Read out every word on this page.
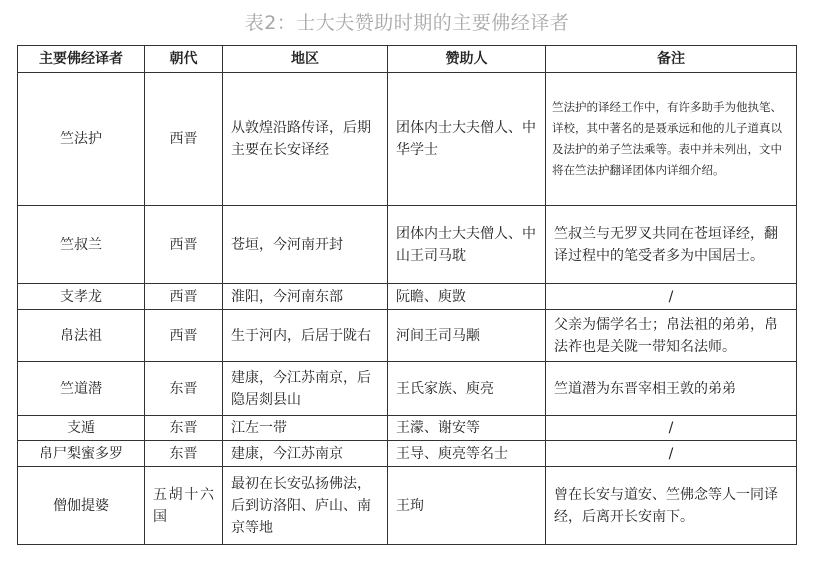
表2：士大夫赞助时期的主要佛经译者
主要佛经译者	朝代	地区	赞助人	备注
竺法护	西晋	从敦煌沿路传译，后期主要在长安译经	团体内士大夫僧人、中华学士	竺法护的译经工作中，有许多助手为他执笔、详校，其中著名的是聂承远和他的儿子道真以及法护的弟子竺法乘等。表中并未列出，文中将在竺法护翻译团体内详细介绍。
竺叔兰	西晋	苍垣，今河南开封	团体内士大夫僧人、中山王司马耽	竺叔兰与无罗叉共同在苍垣译经，翻译过程中的笔受者多为中国居士。
支孝龙	西晋	淮阳，今河南东部	阮瞻、庾敳	/
帛法祖	西晋	生于河内，后居于陇右	河间王司马颙	父亲为儒学名士；帛法祖的弟弟，帛法祚也是关陇一带知名法师。
竺道潜	东晋	建康，今江苏南京，后隐居剡县山	王氏家族、庾亮	竺道潜为东晋宰相王敦的弟弟
支遁	东晋	江左一带	王濛、谢安等	/
帛尸梨蜜多罗	东晋	建康，今江苏南京	王导、庾亮等名士	/
僧伽提婆	五胡十六国	最初在长安弘扬佛法，后到访洛阳、庐山、南京等地	王珣	曾在长安与道安、竺佛念等人一同译经，后离开长安南下。
